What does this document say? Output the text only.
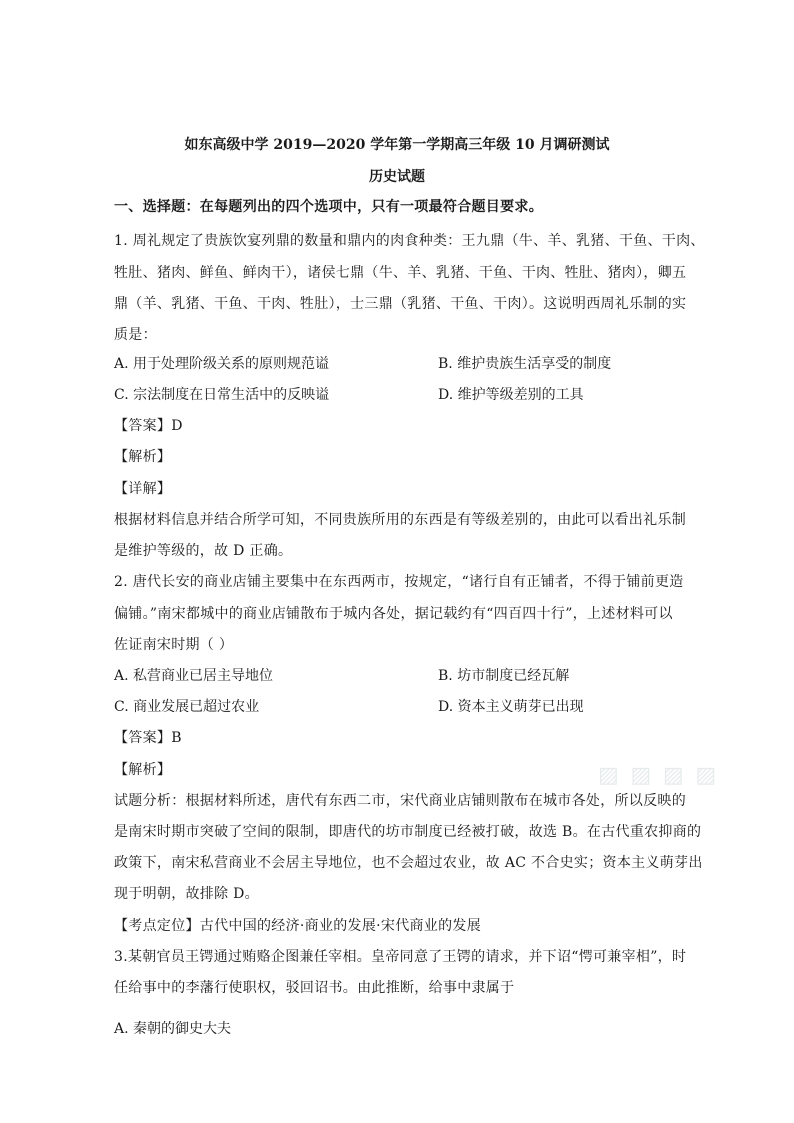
如东高级中学 2019—2020 学年第一学期高三年级 10 月调研测试
历史试题
一、选择题：在每题列出的四个选项中，只有一项最符合题目要求。
1. 周礼规定了贵族饮宴列鼎的数量和鼎内的肉食种类：王九鼎（牛、羊、乳猪、干鱼、干肉、
牲肚、猪肉、鲜鱼、鲜肉干），诸侯七鼎（牛、羊、乳猪、干鱼、干肉、牲肚、猪肉），卿五
鼎（羊、乳猪、干鱼、干肉、牲肚），士三鼎（乳猪、干鱼、干肉）。这说明西周礼乐制的实
质是：
A. 用于处理阶级关系的原则规范谥	B. 维护贵族生活享受的制度
C. 宗法制度在日常生活中的反映谥	D. 维护等级差别的工具
【答案】D
【解析】
【详解】
根据材料信息并结合所学可知，不同贵族所用的东西是有等级差别的，由此可以看出礼乐制
是维护等级的，故 D 正确。
2. 唐代长安的商业店铺主要集中在东西两市，按规定，“诸行自有正铺者，不得于铺前更造
偏铺。”南宋都城中的商业店铺散布于城内各处，据记载约有“四百四十行”，上述材料可以
佐证南宋时期（ ）
A. 私营商业已居主导地位	B. 坊市制度已经瓦解
C. 商业发展已超过农业	D. 资本主义萌芽已出现
【答案】B
【解析】
试题分析：根据材料所述，唐代有东西二市，宋代商业店铺则散布在城市各处，所以反映的
是南宋时期市突破了空间的限制，即唐代的坊市制度已经被打破，故选 B。在古代重农抑商的
政策下，南宋私营商业不会居主导地位，也不会超过农业，故 AC 不合史实；资本主义萌芽出
现于明朝，故排除 D。
【考点定位】古代中国的经济·商业的发展·宋代商业的发展
3.某朝官员王锷通过贿赂企图兼任宰相。皇帝同意了王锷的请求，并下诏“愕可兼宰相”，时
任给事中的李藩行使职权，驳回诏书。由此推断，给事中隶属于
A. 秦朝的御史大夫
▨ ▨ ▨ ▨
